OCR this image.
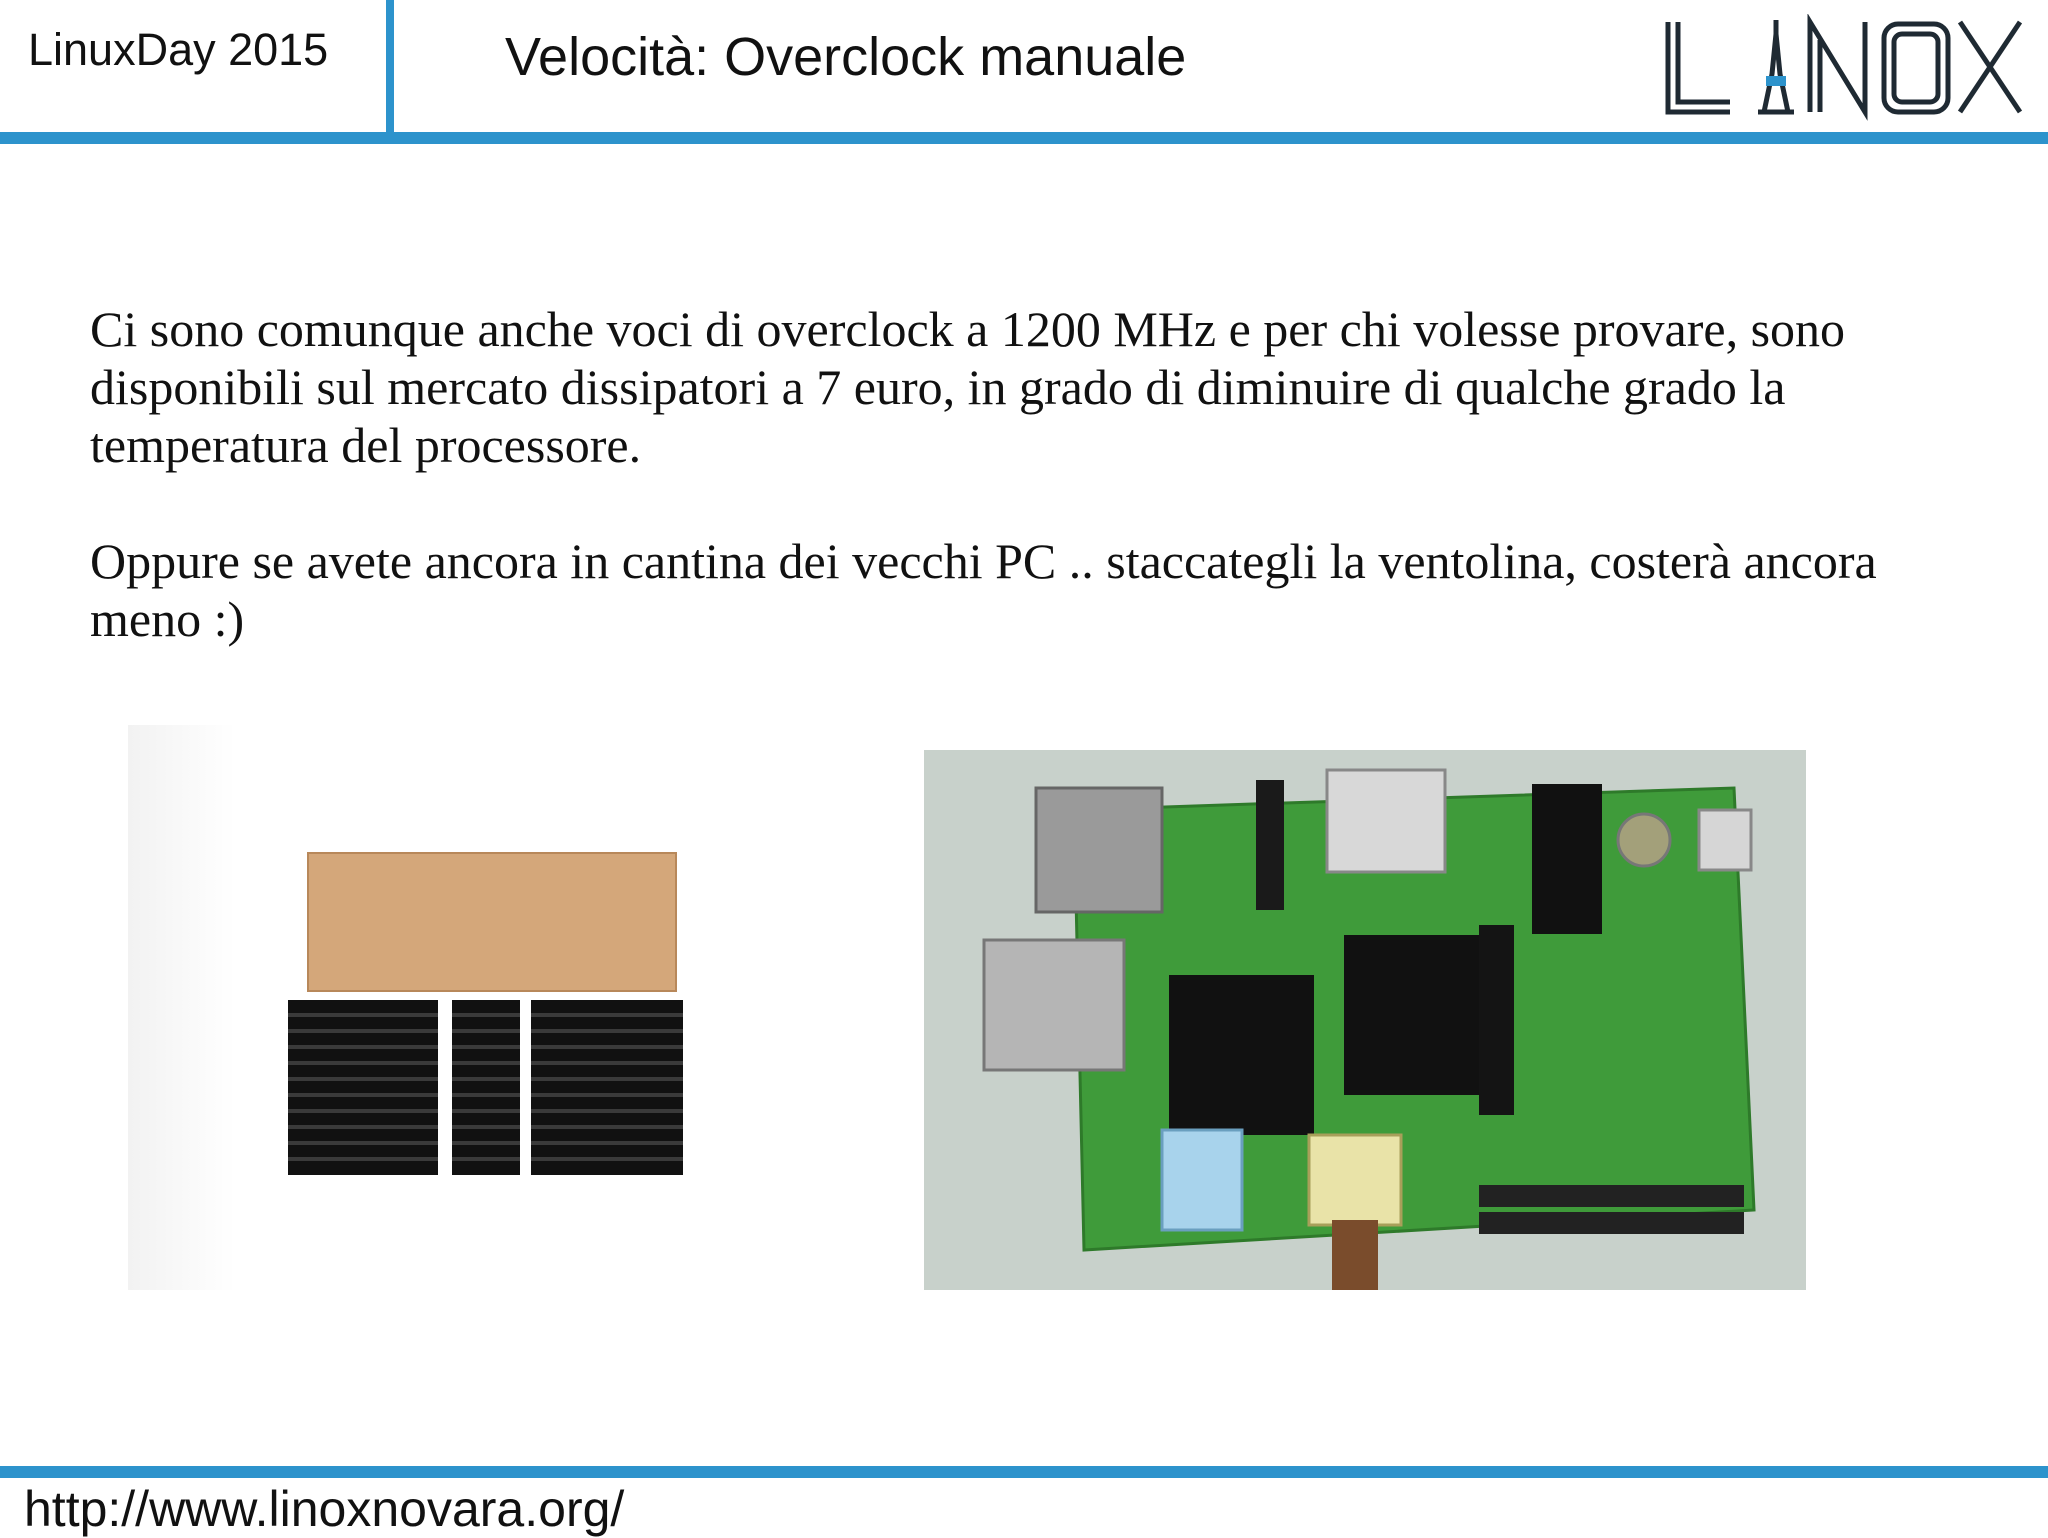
LinuxDay 2015	Velocità: Overclock manuale

Ci sono comunque anche voci di overclock a 1200 MHz e per chi volesse provare, sono disponibili sul mercato dissipatori a 7 euro, in grado di diminuire di qualche grado la temperatura del processore.

Oppure se avete ancora in cantina dei vecchi PC .. staccategli la ventolina, costerà ancora meno :)

http://www.linoxnovara.org/
